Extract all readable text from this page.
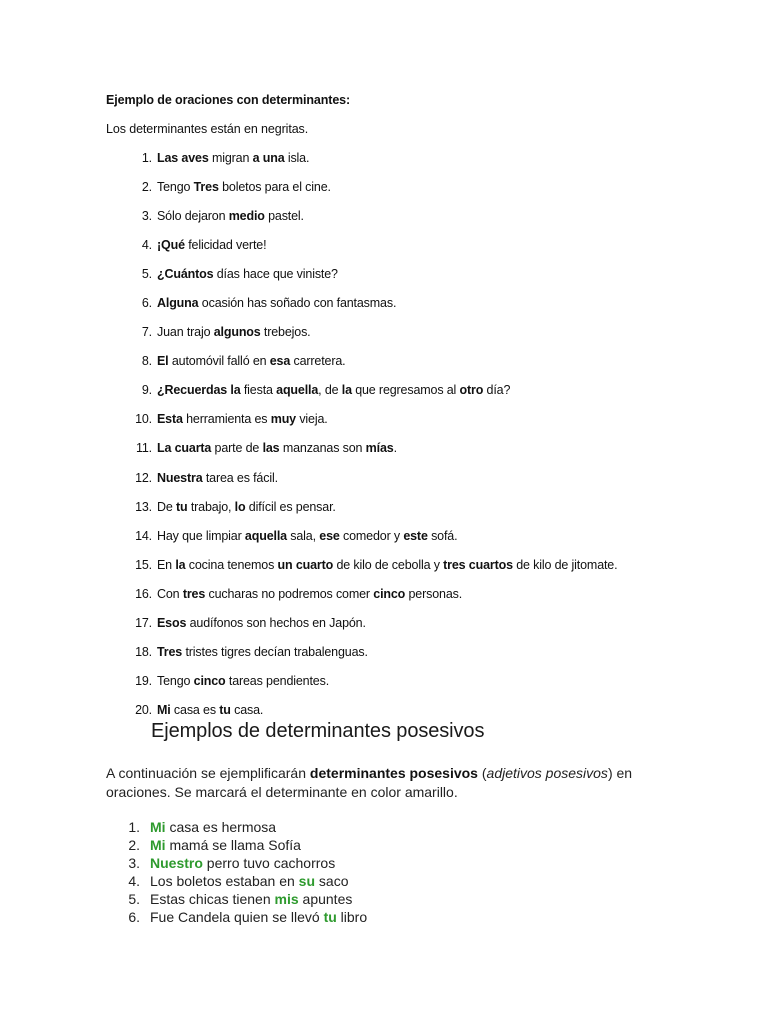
Ejemplo de oraciones con determinantes:
Los determinantes están en negritas.
1. Las aves migran a una isla.
2. Tengo Tres boletos para el cine.
3. Sólo dejaron medio pastel.
4. ¡Qué felicidad verte!
5. ¿Cuántos días hace que viniste?
6. Alguna ocasión has soñado con fantasmas.
7. Juan trajo algunos trebejos.
8. El automóvil falló en esa carretera.
9. ¿Recuerdas la fiesta aquella, de la que regresamos al otro día?
10. Esta herramienta es muy vieja.
11. La cuarta parte de las manzanas son mías.
12. Nuestra tarea es fácil.
13. De tu trabajo, lo difícil es pensar.
14. Hay que limpiar aquella sala, ese comedor y este sofá.
15. En la cocina tenemos un cuarto de kilo de cebolla y tres cuartos de kilo de jitomate.
16. Con tres cucharas no podremos comer cinco personas.
17. Esos audífonos son hechos en Japón.
18. Tres tristes tigres decían trabalenguas.
19. Tengo cinco tareas pendientes.
20. Mi casa es tu casa.
Ejemplos de determinantes posesivos
A continuación se ejemplificarán determinantes posesivos (adjetivos posesivos) en oraciones. Se marcará el determinante en color amarillo.
1. Mi casa es hermosa
2. Mi mamá se llama Sofía
3. Nuestro perro tuvo cachorros
4. Los boletos estaban en su saco
5. Estas chicas tienen mis apuntes
6. Fue Candela quien se llevó tu libro
